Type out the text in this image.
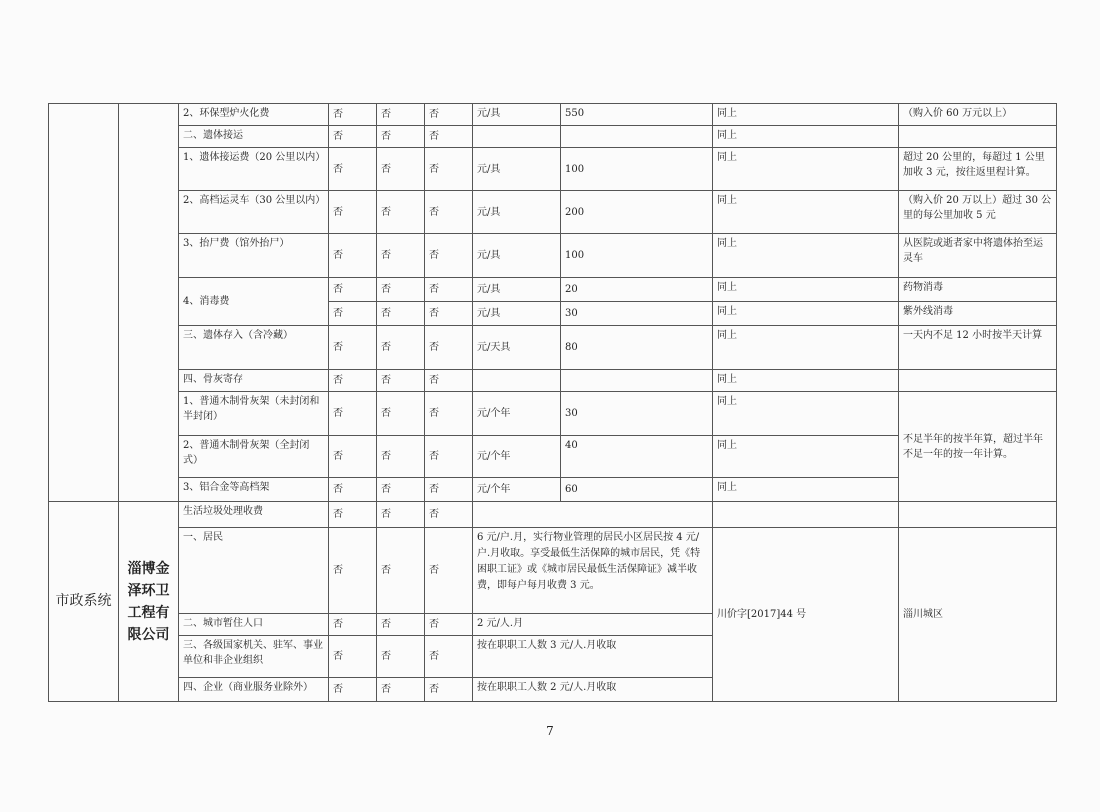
		2、环保型炉火化费	否	否	否	元/具	550	同上	（购入价 60 万元以上）
		二、遗体接运	否	否	否			同上	
		1、遗体接运费（20 公里以内）	否	否	否	元/具	100	同上	超过 20 公里的，每超过 1 公里加收 3 元，按往返里程计算。
		2、高档运灵车（30 公里以内）	否	否	否	元/具	200	同上	（购入价 20 万以上）超过 30 公里的每公里加收 5 元
		3、抬尸费（馆外抬尸）	否	否	否	元/具	100	同上	从医院或逝者家中将遗体抬至运灵车
		4、消毒费	否	否	否	元/具	20	同上	药物消毒
			否	否	否	元/具	30	同上	紫外线消毒
		三、遗体存入（含冷藏）	否	否	否	元/天具	80	同上	一天内不足 12 小时按半天计算
		四、骨灰寄存	否	否	否			同上	
		1、普通木制骨灰架（未封闭和半封闭）	否	否	否	元/个年	30	同上	不足半年的按半年算，超过半年不足一年的按一年计算。
		2、普通木制骨灰架（全封闭式）	否	否	否	元/个年	40	同上	
		3、铝合金等高档架	否	否	否	元/个年	60	同上	
市政系统	淄博金泽环卫工程有限公司	生活垃圾处理收费	否	否	否				
		一、居民	否	否	否	6 元/户.月，实行物业管理的居民小区居民按 4 元/户.月收取。享受最低生活保障的城市居民，凭《特困职工证》或《城市居民最低生活保障证》减半收费，即每户每月收费 3 元。		川价字[2017]44 号	淄川城区
		二、城市暂住人口	否	否	否	2 元/人.月			
		三、各级国家机关、驻军、事业单位和非企业组织	否	否	否	按在职职工人数 3 元/人.月收取			
		四、企业（商业服务业除外）	否	否	否	按在职职工人数 2 元/人.月收取			
7
